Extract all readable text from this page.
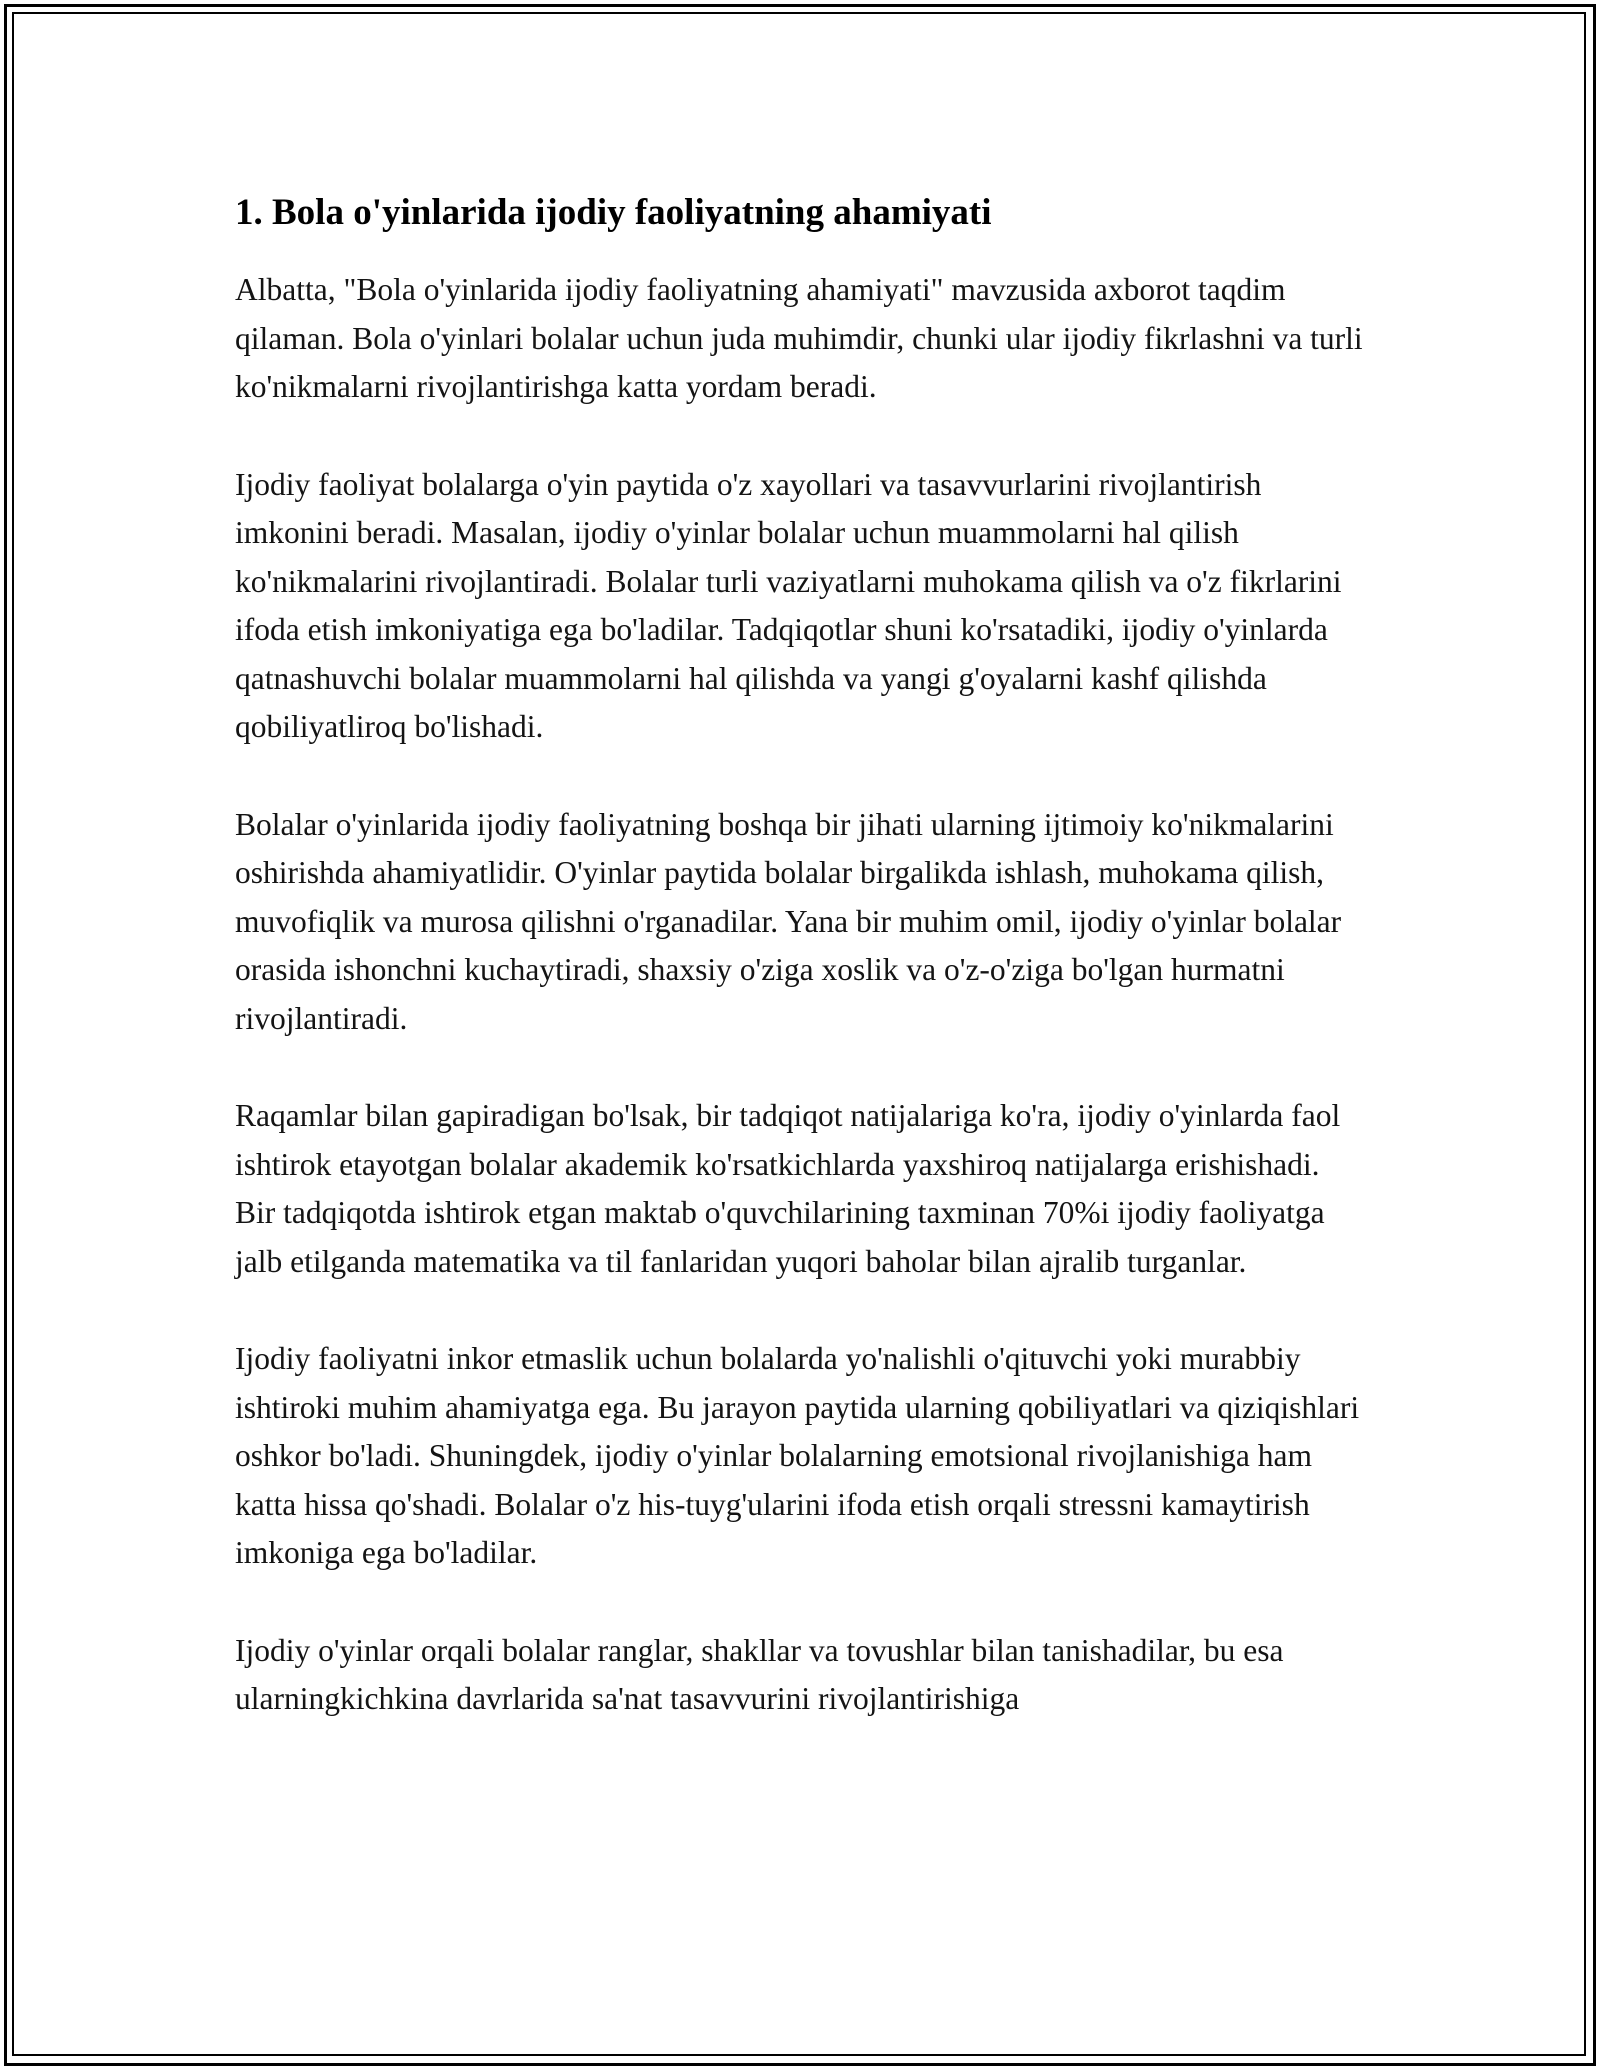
1. Bola o'yinlarida ijodiy faoliyatning ahamiyati

Albatta, "Bola o'yinlarida ijodiy faoliyatning ahamiyati" mavzusida axborot taqdim qilaman. Bola o'yinlari bolalar uchun juda muhimdir, chunki ular ijodiy fikrlashni va turli ko'nikmalarni rivojlantirishga katta yordam beradi.

Ijodiy faoliyat bolalarga o'yin paytida o'z xayollari va tasavvurlarini rivojlantirish imkonini beradi. Masalan, ijodiy o'yinlar bolalar uchun muammolarni hal qilish ko'nikmalarini rivojlantiradi. Bolalar turli vaziyatlarni muhokama qilish va o'z fikrlarini ifoda etish imkoniyatiga ega bo'ladilar. Tadqiqotlar shuni ko'rsatadiki, ijodiy o'yinlarda qatnashuvchi bolalar muammolarni hal qilishda va yangi g'oyalarni kashf qilishda qobiliyatliroq bo'lishadi.

Bolalar o'yinlarida ijodiy faoliyatning boshqa bir jihati ularning ijtimoiy ko'nikmalarini oshirishda ahamiyatlidir. O'yinlar paytida bolalar birgalikda ishlash, muhokama qilish, muvofiqlik va murosa qilishni o'rganadilar. Yana bir muhim omil, ijodiy o'yinlar bolalar orasida ishonchni kuchaytiradi, shaxsiy o'ziga xoslik va o'z-o'ziga bo'lgan hurmatni rivojlantiradi.

Raqamlar bilan gapiradigan bo'lsak, bir tadqiqot natijalariga ko'ra, ijodiy o'yinlarda faol ishtirok etayotgan bolalar akademik ko'rsatkichlarda yaxshiroq natijalarga erishishadi. Bir tadqiqotda ishtirok etgan maktab o'quvchilarining taxminan 70%i ijodiy faoliyatga jalb etilganda matematika va til fanlaridan yuqori baholar bilan ajralib turganlar.

Ijodiy faoliyatni inkor etmaslik uchun bolalarda yo'nalishli o'qituvchi yoki murabbiy ishtiroki muhim ahamiyatga ega. Bu jarayon paytida ularning qobiliyatlari va qiziqishlari oshkor bo'ladi. Shuningdek, ijodiy o'yinlar bolalarning emotsional rivojlanishiga ham katta hissa qo'shadi. Bolalar o'z his-tuyg'ularini ifoda etish orqali stressni kamaytirish imkoniga ega bo'ladilar.

Ijodiy o'yinlar orqali bolalar ranglar, shakllar va tovushlar bilan tanishadilar, bu esa ularningkichkina davrlarida sa'nat tasavvurini rivojlantirishiga
